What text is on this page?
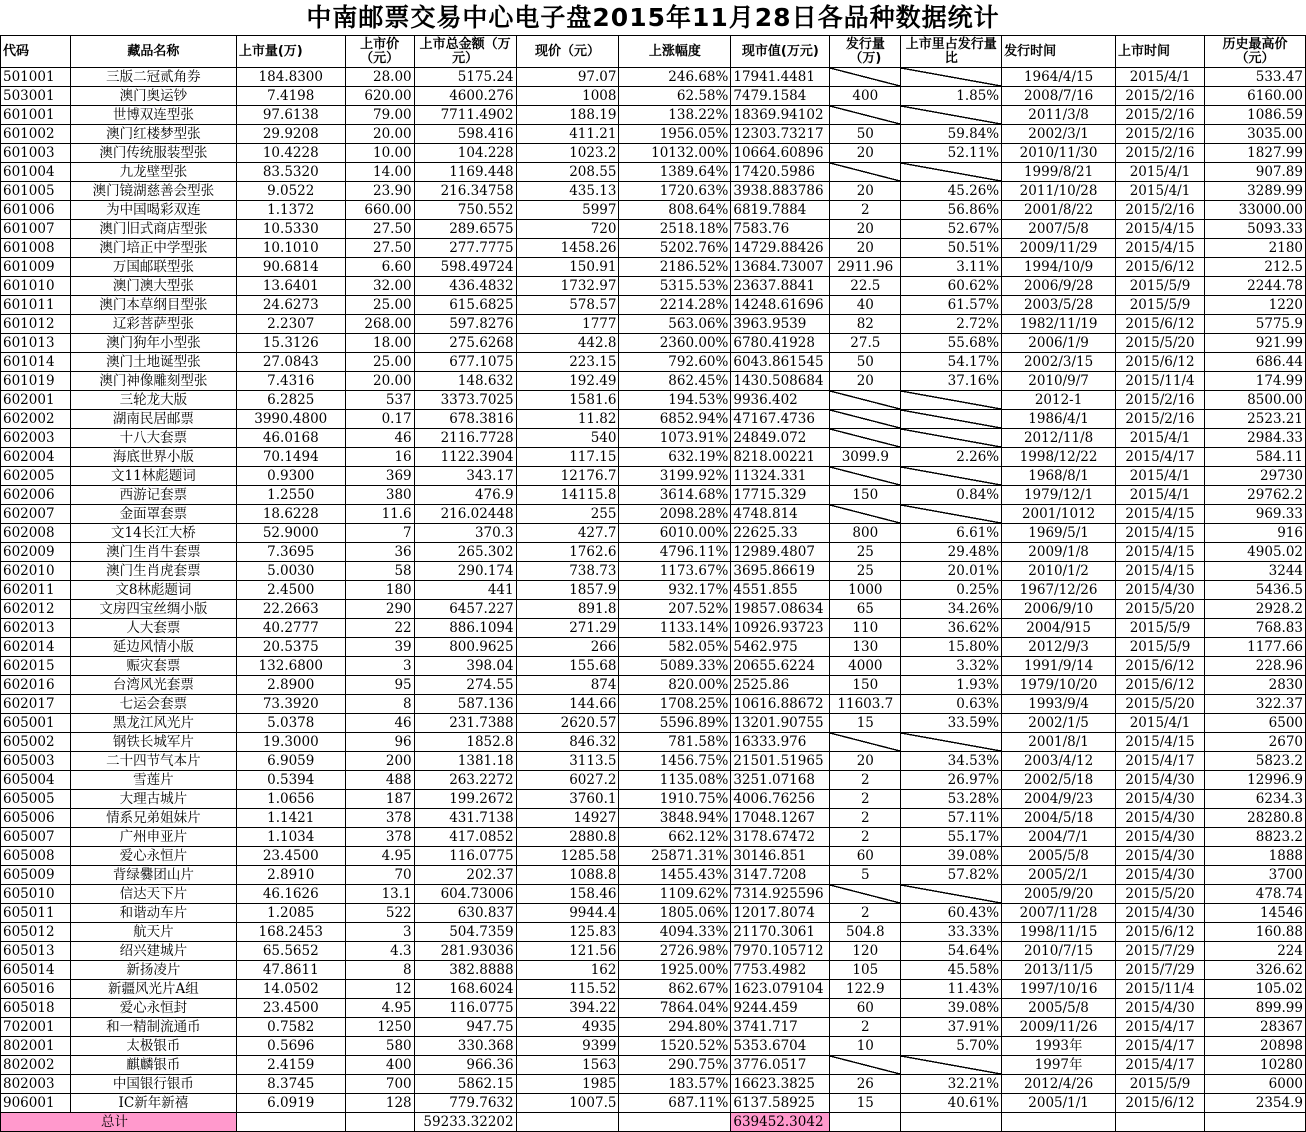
中南邮票交易中心电子盘2015年11月28日各品种数据统计
代码	藏品名称	上市量(万)	上市价（元）	上市总金额（万元）	现价（元）	上涨幅度	现市值(万元)	发行量（万)	上市里占发行量比	发行时间	上市时间	历史最高价（元）
501001	三版二冠贰角券	184.8300	28.00	5175.24	97.07	246.68%	17941.4481			1964/4/15	2015/4/1	533.47
503001	澳门奥运钞	7.4198	620.00	4600.276	1008	62.58%	7479.1584	400	1.85%	2008/7/16	2015/2/16	6160.00
601001	世博双连型张	97.6138	79.00	7711.4902	188.19	138.22%	18369.94102			2011/3/8	2015/2/16	1086.59
601002	澳门红楼梦型张	29.9208	20.00	598.416	411.21	1956.05%	12303.73217	50	59.84%	2002/3/1	2015/2/16	3035.00
601003	澳门传统服装型张	10.4228	10.00	104.228	1023.2	10132.00%	10664.60896	20	52.11%	2010/11/30	2015/2/16	1827.99
601004	九龙壁型张	83.5320	14.00	1169.448	208.55	1389.64%	17420.5986			1999/8/21	2015/4/1	907.89
601005	澳门镜湖慈善会型张	9.0522	23.90	216.34758	435.13	1720.63%	3938.883786	20	45.26%	2011/10/28	2015/4/1	3289.99
601006	为中国喝彩双连	1.1372	660.00	750.552	5997	808.64%	6819.7884	2	56.86%	2001/8/22	2015/2/16	33000.00
601007	澳门旧式商店型张	10.5330	27.50	289.6575	720	2518.18%	7583.76	20	52.67%	2007/5/8	2015/4/15	5093.33
601008	澳门培正中学型张	10.1010	27.50	277.7775	1458.26	5202.76%	14729.88426	20	50.51%	2009/11/29	2015/4/15	2180
601009	万国邮联型张	90.6814	6.60	598.49724	150.91	2186.52%	13684.73007	2911.96	3.11%	1994/10/9	2015/6/12	212.5
601010	澳门澳大型张	13.6401	32.00	436.4832	1732.97	5315.53%	23637.8841	22.5	60.62%	2006/9/28	2015/5/9	2244.78
601011	澳门本草纲目型张	24.6273	25.00	615.6825	578.57	2214.28%	14248.61696	40	61.57%	2003/5/28	2015/5/9	1220
601012	辽彩菩萨型张	2.2307	268.00	597.8276	1777	563.06%	3963.9539	82	2.72%	1982/11/19	2015/6/12	5775.9
601013	澳门狗年小型张	15.3126	18.00	275.6268	442.8	2360.00%	6780.41928	27.5	55.68%	2006/1/9	2015/5/20	921.99
601014	澳门土地诞型张	27.0843	25.00	677.1075	223.15	792.60%	6043.861545	50	54.17%	2002/3/15	2015/6/12	686.44
601019	澳门神像雕刻型张	7.4316	20.00	148.632	192.49	862.45%	1430.508684	20	37.16%	2010/9/7	2015/11/4	174.99
602001	三轮龙大版	6.2825	537	3373.7025	1581.6	194.53%	9936.402			2012-1	2015/2/16	8500.00
602002	湖南民居邮票	3990.4800	0.17	678.3816	11.82	6852.94%	47167.4736			1986/4/1	2015/2/16	2523.21
602003	十八大套票	46.0168	46	2116.7728	540	1073.91%	24849.072			2012/11/8	2015/4/1	2984.33
602004	海底世界小版	70.1494	16	1122.3904	117.15	632.19%	8218.00221	3099.9	2.26%	1998/12/22	2015/4/17	584.11
602005	文11林彪题词	0.9300	369	343.17	12176.7	3199.92%	11324.331			1968/8/1	2015/4/1	29730
602006	西游记套票	1.2550	380	476.9	14115.8	3614.68%	17715.329	150	0.84%	1979/12/1	2015/4/1	29762.2
602007	金面罩套票	18.6228	11.6	216.02448	255	2098.28%	4748.814			2001/1012	2015/4/15	969.33
602008	文14长江大桥	52.9000	7	370.3	427.7	6010.00%	22625.33	800	6.61%	1969/5/1	2015/4/15	916
602009	澳门生肖牛套票	7.3695	36	265.302	1762.6	4796.11%	12989.4807	25	29.48%	2009/1/8	2015/4/15	4905.02
602010	澳门生肖虎套票	5.0030	58	290.174	738.73	1173.67%	3695.86619	25	20.01%	2010/1/2	2015/4/15	3244
602011	文8林彪题词	2.4500	180	441	1857.9	932.17%	4551.855	1000	0.25%	1967/12/26	2015/4/30	5436.5
602012	文房四宝丝绸小版	22.2663	290	6457.227	891.8	207.52%	19857.08634	65	34.26%	2006/9/10	2015/5/20	2928.2
602013	人大套票	40.2777	22	886.1094	271.29	1133.14%	10926.93723	110	36.62%	2004/915	2015/5/9	768.83
602014	延边风情小版	20.5375	39	800.9625	266	582.05%	5462.975	130	15.80%	2012/9/3	2015/5/9	1177.66
602015	赈灾套票	132.6800	3	398.04	155.68	5089.33%	20655.6224	4000	3.32%	1991/9/14	2015/6/12	228.96
602016	台湾风光套票	2.8900	95	274.55	874	820.00%	2525.86	150	1.93%	1979/10/20	2015/6/12	2830
602017	七运会套票	73.3920	8	587.136	144.66	1708.25%	10616.88672	11603.7	0.63%	1993/9/4	2015/5/20	322.37
605001	黑龙江风光片	5.0378	46	231.7388	2620.57	5596.89%	13201.90755	15	33.59%	2002/1/5	2015/4/1	6500
605002	钢铁长城军片	19.3000	96	1852.8	846.32	781.58%	16333.976			2001/8/1	2015/4/15	2670
605003	二十四节气本片	6.9059	200	1381.18	3113.5	1456.75%	21501.51965	20	34.53%	2003/4/12	2015/4/17	5823.2
605004	雪莲片	0.5394	488	263.2272	6027.2	1135.08%	3251.07168	2	26.97%	2002/5/18	2015/4/30	12996.9
605005	大理古城片	1.0656	187	199.2672	3760.1	1910.75%	4006.76256	2	53.28%	2004/9/23	2015/4/30	6234.3
605006	情系兄弟姐妹片	1.1421	378	431.7138	14927	3848.94%	17048.1267	2	57.11%	2004/5/18	2015/4/30	28280.8
605007	广州申亚片	1.1034	378	417.0852	2880.8	662.12%	3178.67472	2	55.17%	2004/7/1	2015/4/30	8823.2
605008	爱心永恒片	23.4500	4.95	116.0775	1285.58	25871.31%	30146.851	60	39.08%	2005/5/8	2015/4/30	1888
605009	背绿爨团山片	2.8910	70	202.37	1088.8	1455.43%	3147.7208	5	57.82%	2005/2/1	2015/4/30	3700
605010	信达天下片	46.1626	13.1	604.73006	158.46	1109.62%	7314.925596			2005/9/20	2015/5/20	478.74
605011	和谐动车片	1.2085	522	630.837	9944.4	1805.06%	12017.8074	2	60.43%	2007/11/28	2015/4/30	14546
605012	航天片	168.2453	3	504.7359	125.83	4094.33%	21170.3061	504.8	33.33%	1998/11/15	2015/6/12	160.88
605013	绍兴建城片	65.5652	4.3	281.93036	121.56	2726.98%	7970.105712	120	54.64%	2010/7/15	2015/7/29	224
605014	新扬凌片	47.8611	8	382.8888	162	1925.00%	7753.4982	105	45.58%	2013/11/5	2015/7/29	326.62
605016	新疆风光片A组	14.0502	12	168.6024	115.52	862.67%	1623.079104	122.9	11.43%	1997/10/16	2015/11/4	105.02
605018	爱心永恒封	23.4500	4.95	116.0775	394.22	7864.04%	9244.459	60	39.08%	2005/5/8	2015/4/30	899.99
702001	和一精制流通币	0.7582	1250	947.75	4935	294.80%	3741.717	2	37.91%	2009/11/26	2015/4/17	28367
802001	太极银币	0.5696	580	330.368	9399	1520.52%	5353.6704	10	5.70%	1993年	2015/4/17	20898
802002	麒麟银币	2.4159	400	966.36	1563	290.75%	3776.0517			1997年	2015/4/17	10280
802003	中国银行银币	8.3745	700	5862.15	1985	183.57%	16623.3825	26	32.21%	2012/4/26	2015/5/9	6000
906001	IC新年新禧	6.0919	128	779.7632	1007.5	687.11%	6137.58925	15	40.61%	2005/1/1	2015/6/12	2354.9
总计				59233.32202			639452.3042					
